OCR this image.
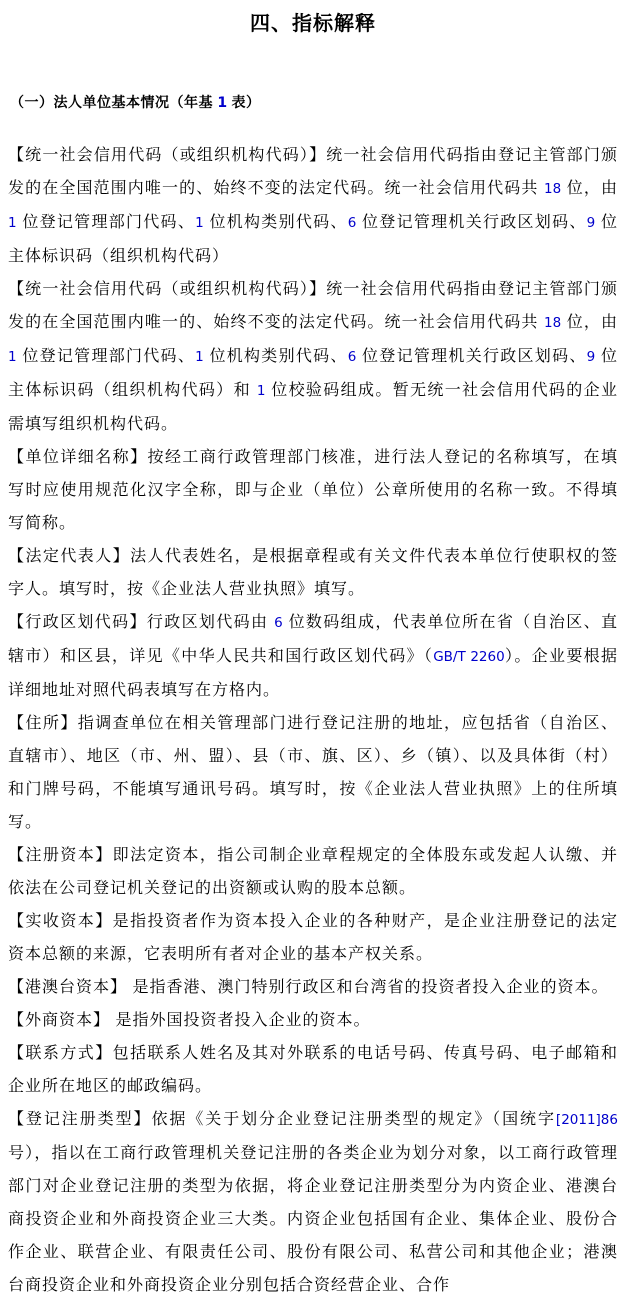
四、指标解释
（一）法人单位基本情况（年基 1 表）

【统一社会信用代码（或组织机构代码）】统一社会信用代码指由登记主管部门颁发的在全国范围内唯一的、始终不变的法定代码。统一社会信用代码共 18 位，由 1 位登记管理部门代码、1 位机构类别代码、6 位登记管理机关行政区划码、9 位主体标识码（组织机构代码）

【统一社会信用代码（或组织机构代码）】统一社会信用代码指由登记主管部门颁发的在全国范围内唯一的、始终不变的法定代码。统一社会信用代码共 18 位，由 1 位登记管理部门代码、1 位机构类别代码、6 位登记管理机关行政区划码、9 位主体标识码（组织机构代码）和 1 位校验码组成。暂无统一社会信用代码的企业需填写组织机构代码。

【单位详细名称】按经工商行政管理部门核准，进行法人登记的名称填写，在填写时应使用规范化汉字全称，即与企业（单位）公章所使用的名称一致。不得填写简称。

【法定代表人】法人代表姓名，是根据章程或有关文件代表本单位行使职权的签字人。填写时，按《企业法人营业执照》填写。

【行政区划代码】行政区划代码由 6 位数码组成，代表单位所在省（自治区、直辖市）和区县，详见《中华人民共和国行政区划代码》（GB/T 2260）。企业要根据详细地址对照代码表填写在方格内。

【住所】指调查单位在相关管理部门进行登记注册的地址，应包括省（自治区、直辖市）、地区（市、州、盟）、县（市、旗、区）、乡（镇）、以及具体街（村）和门牌号码，不能填写通讯号码。填写时，按《企业法人营业执照》上的住所填写。

【注册资本】即法定资本，指公司制企业章程规定的全体股东或发起人认缴、并依法在公司登记机关登记的出资额或认购的股本总额。

【实收资本】是指投资者作为资本投入企业的各种财产，是企业注册登记的法定资本总额的来源，它表明所有者对企业的基本产权关系。

【港澳台资本】 是指香港、澳门特别行政区和台湾省的投资者投入企业的资本。

【外商资本】 是指外国投资者投入企业的资本。

【联系方式】包括联系人姓名及其对外联系的电话号码、传真号码、电子邮箱和企业所在地区的邮政编码。

【登记注册类型】依据《关于划分企业登记注册类型的规定》（国统字[2011]86 号），指以在工商行政管理机关登记注册的各类企业为划分对象，以工商行政管理部门对企业登记注册的类型为依据，将企业登记注册类型分为内资企业、港澳台商投资企业和外商投资企业三大类。内资企业包括国有企业、集体企业、股份合作企业、联营企业、有限责任公司、股份有限公司、私营公司和其他企业；港澳台商投资企业和外商投资企业分别包括合资经营企业、合作
